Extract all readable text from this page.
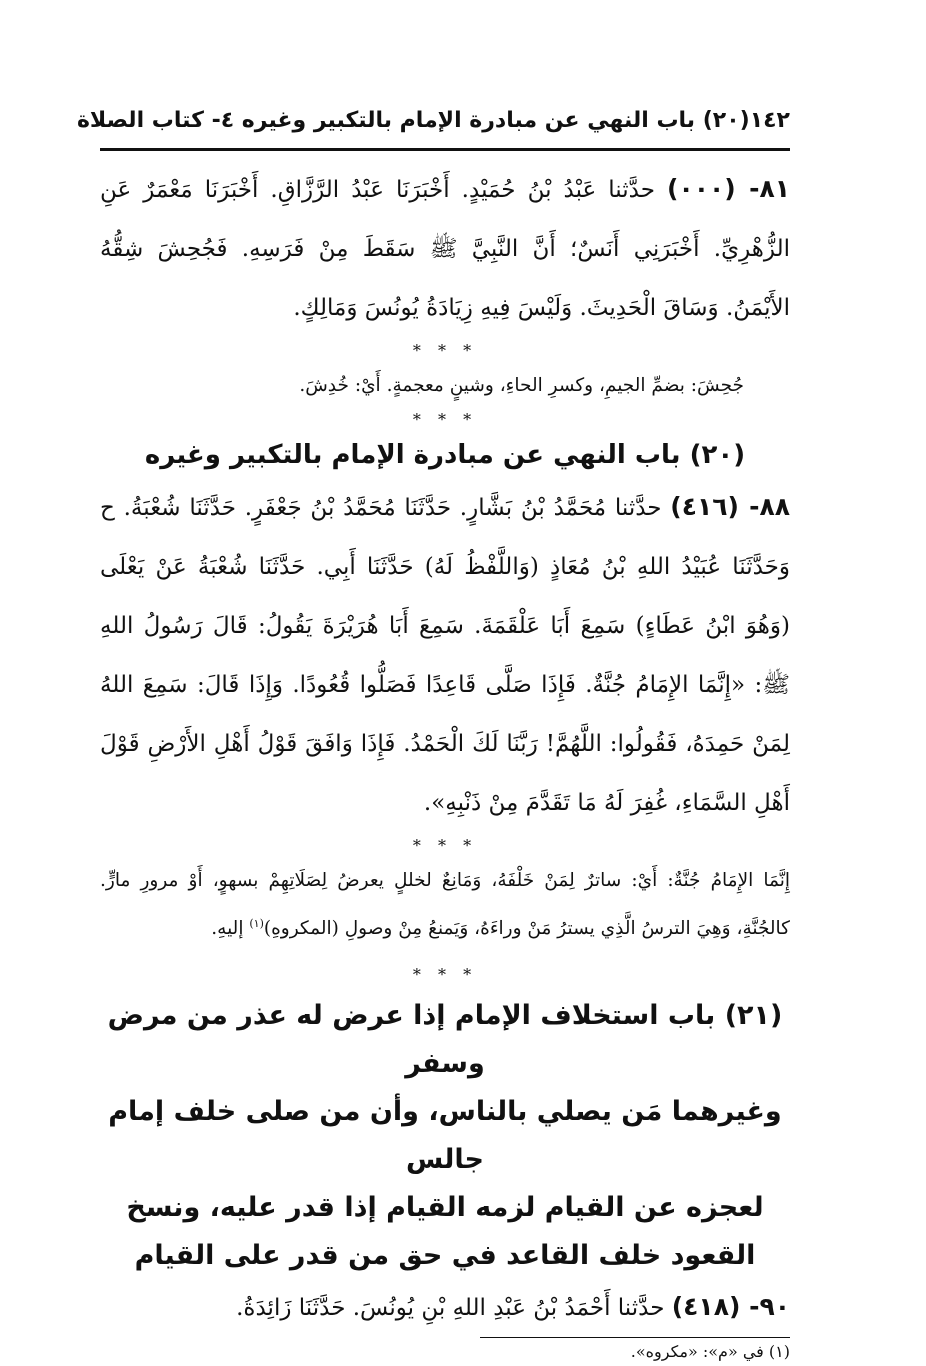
١٤٢
(٢٠) باب النهي عن مبادرة الإمام بالتكبير وغيره ٤- كتاب الصلاة

٨١- (٠٠٠) حدَّثنا عَبْدُ بْنُ حُمَيْدٍ. أَخْبَرَنَا عَبْدُ الرَّزَّاقِ. أَخْبَرَنَا مَعْمَرٌ عَنِ الزُّهْرِيِّ. أَخْبَرَنِي أَنَسٌ؛ أَنَّ النَّبِيَّ ﷺ سَقَطَ مِنْ فَرَسِهِ. فَجُحِشَ شِقُّهُ الأَيْمَنُ. وَسَاقَ الْحَدِيثَ. وَلَيْسَ فِيهِ زِيَادَةُ يُونُسَ وَمَالِكٍ.

* * *

جُحِشَ: بضمِّ الجيمِ، وكسرِ الحاءِ، وشينٍ معجمةٍ. أَيْ: خُدِشَ.

* * *

(٢٠) باب النهي عن مبادرة الإمام بالتكبير وغيره

٨٨- (٤١٦) حدَّثنا مُحَمَّدُ بْنُ بَشَّارٍ. حَدَّثَنَا مُحَمَّدُ بْنُ جَعْفَرٍ. حَدَّثَنَا شُعْبَةُ. ح وَحَدَّثَنَا عُبَيْدُ اللهِ بْنُ مُعَاذٍ (وَاللَّفْظُ لَهُ) حَدَّثَنَا أَبِي. حَدَّثَنَا شُعْبَةُ عَنْ يَعْلَى (وَهُوَ ابْنُ عَطَاءٍ) سَمِعَ أَبَا عَلْقَمَةَ. سَمِعَ أَبَا هُرَيْرَةَ يَقُولُ: قَالَ رَسُولُ اللهِ ﷺ: «إِنَّمَا الإِمَامُ جُنَّةٌ. فَإِذَا صَلَّى قَاعِدًا فَصَلُّوا قُعُودًا. وَإِذَا قَالَ: سَمِعَ اللهُ لِمَنْ حَمِدَهُ، فَقُولُوا: اللَّهُمَّ! رَبَّنَا لَكَ الْحَمْدُ. فَإِذَا وَافَقَ قَوْلُ أَهْلِ الأَرْضِ قَوْلَ أَهْلِ السَّمَاءِ، غُفِرَ لَهُ مَا تَقَدَّمَ مِنْ ذَنْبِهِ».

* * *

إِنَّمَا الإِمَامُ جُنَّةٌ: أَيْ: ساترٌ لِمَنْ خَلْفَهُ، وَمَانِعٌ لخللٍ يعرضُ لِصَلَاتِهِمْ بسهوٍ، أَوْ مرورِ مارٍّ. كالجُنَّةِ، وَهِيَ الترسُ الَّذِي يسترُ مَنْ وراءَهُ، وَيَمنعُ مِنْ وصولِ (المكروهِ)$^{(١)}$ إليهِ.

* * *

(٢١) باب استخلاف الإمام إذا عرض له عذر من مرض وسفر
وغيرهما مَن يصلي بالناس، وأن من صلى خلف إمام جالس
لعجزه عن القيام لزمه القيام إذا قدر عليه، ونسخ
القعود خلف القاعد في حق من قدر على القيام

٩٠- (٤١٨) حدَّثنا أَحْمَدُ بْنُ عَبْدِ اللهِ بْنِ يُونُسَ. حَدَّثَنَا زَائِدَةُ.

(١) في «م»: «مكروه».
